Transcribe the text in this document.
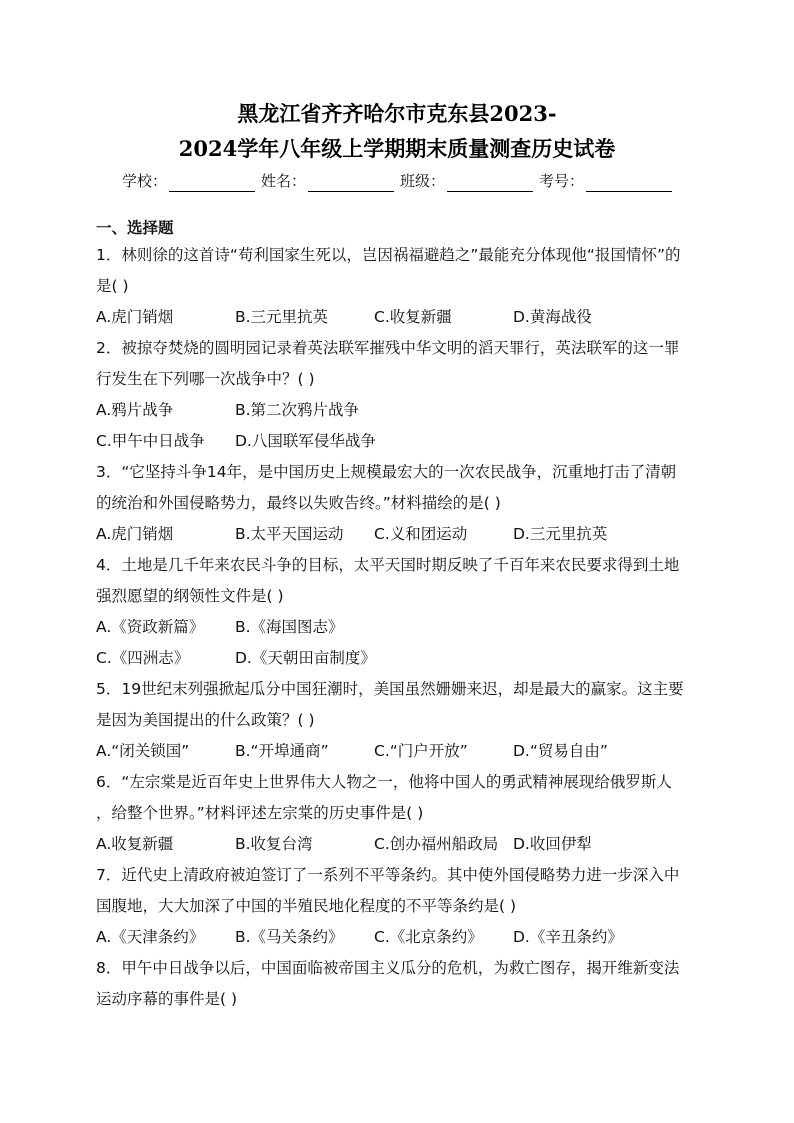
黑龙江省齐齐哈尔市克东县2023-
2024学年八年级上学期期末质量测查历史试卷
学校：	姓名：	班级：	考号：
一、选择题
1．林则徐的这首诗“苟利国家生死以，岂因祸福避趋之”最能充分体现他“报国情怀”的
是( )
A.虎门销烟	B.三元里抗英	C.收复新疆	D.黄海战役
2．被掠夺焚烧的圆明园记录着英法联军摧残中华文明的滔天罪行，英法联军的这一罪
行发生在下列哪一次战争中？( )
A.鸦片战争	B.第二次鸦片战争
C.甲午中日战争	D.八国联军侵华战争
3．“它坚持斗争14年，是中国历史上规模最宏大的一次农民战争，沉重地打击了清朝
的统治和外国侵略势力，最终以失败告终。”材料描绘的是( )
A.虎门销烟	B.太平天国运动	C.义和团运动	D.三元里抗英
4．土地是几千年来农民斗争的目标，太平天国时期反映了千百年来农民要求得到土地
强烈愿望的纲领性文件是( )
A.《资政新篇》	B.《海国图志》
C.《四洲志》	D.《天朝田亩制度》
5．19世纪末列强掀起瓜分中国狂潮时，美国虽然姗姗来迟，却是最大的赢家。这主要
是因为美国提出的什么政策？( )
A.“闭关锁国”	B.“开埠通商”	C.“门户开放”	D.“贸易自由”
6．“左宗棠是近百年史上世界伟大人物之一，他将中国人的勇武精神展现给俄罗斯人
，给整个世界。”材料评述左宗棠的历史事件是( )
A.收复新疆	B.收复台湾	C.创办福州船政局 D.收回伊犁
7．近代史上清政府被迫签订了一系列不平等条约。其中使外国侵略势力进一步深入中
国腹地，大大加深了中国的半殖民地化程度的不平等条约是( )
A.《天津条约》	B.《马关条约》	C.《北京条约》	D.《辛丑条约》
8．甲午中日战争以后，中国面临被帝国主义瓜分的危机，为救亡图存，揭开维新变法
运动序幕的事件是( )
